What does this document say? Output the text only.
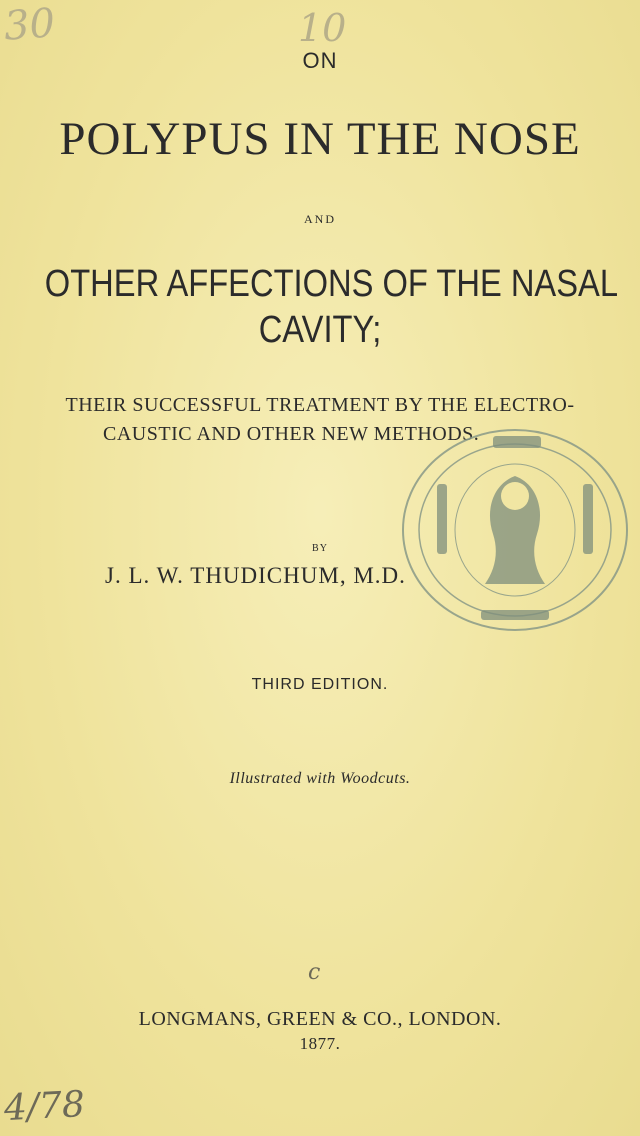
30	10
ON
POLYPUS IN THE NOSE
AND
OTHER AFFECTIONS OF THE NASAL
CAVITY;
THEIR SUCCESSFUL TREATMENT BY THE ELECTRO-
CAUSTIC AND OTHER NEW METHODS.
BY
J. L. W. THUDICHUM, M.D.
THIRD EDITION.
Illustrated with Woodcuts.
c
LONGMANS, GREEN & CO., LONDON.
1877.
4/78
